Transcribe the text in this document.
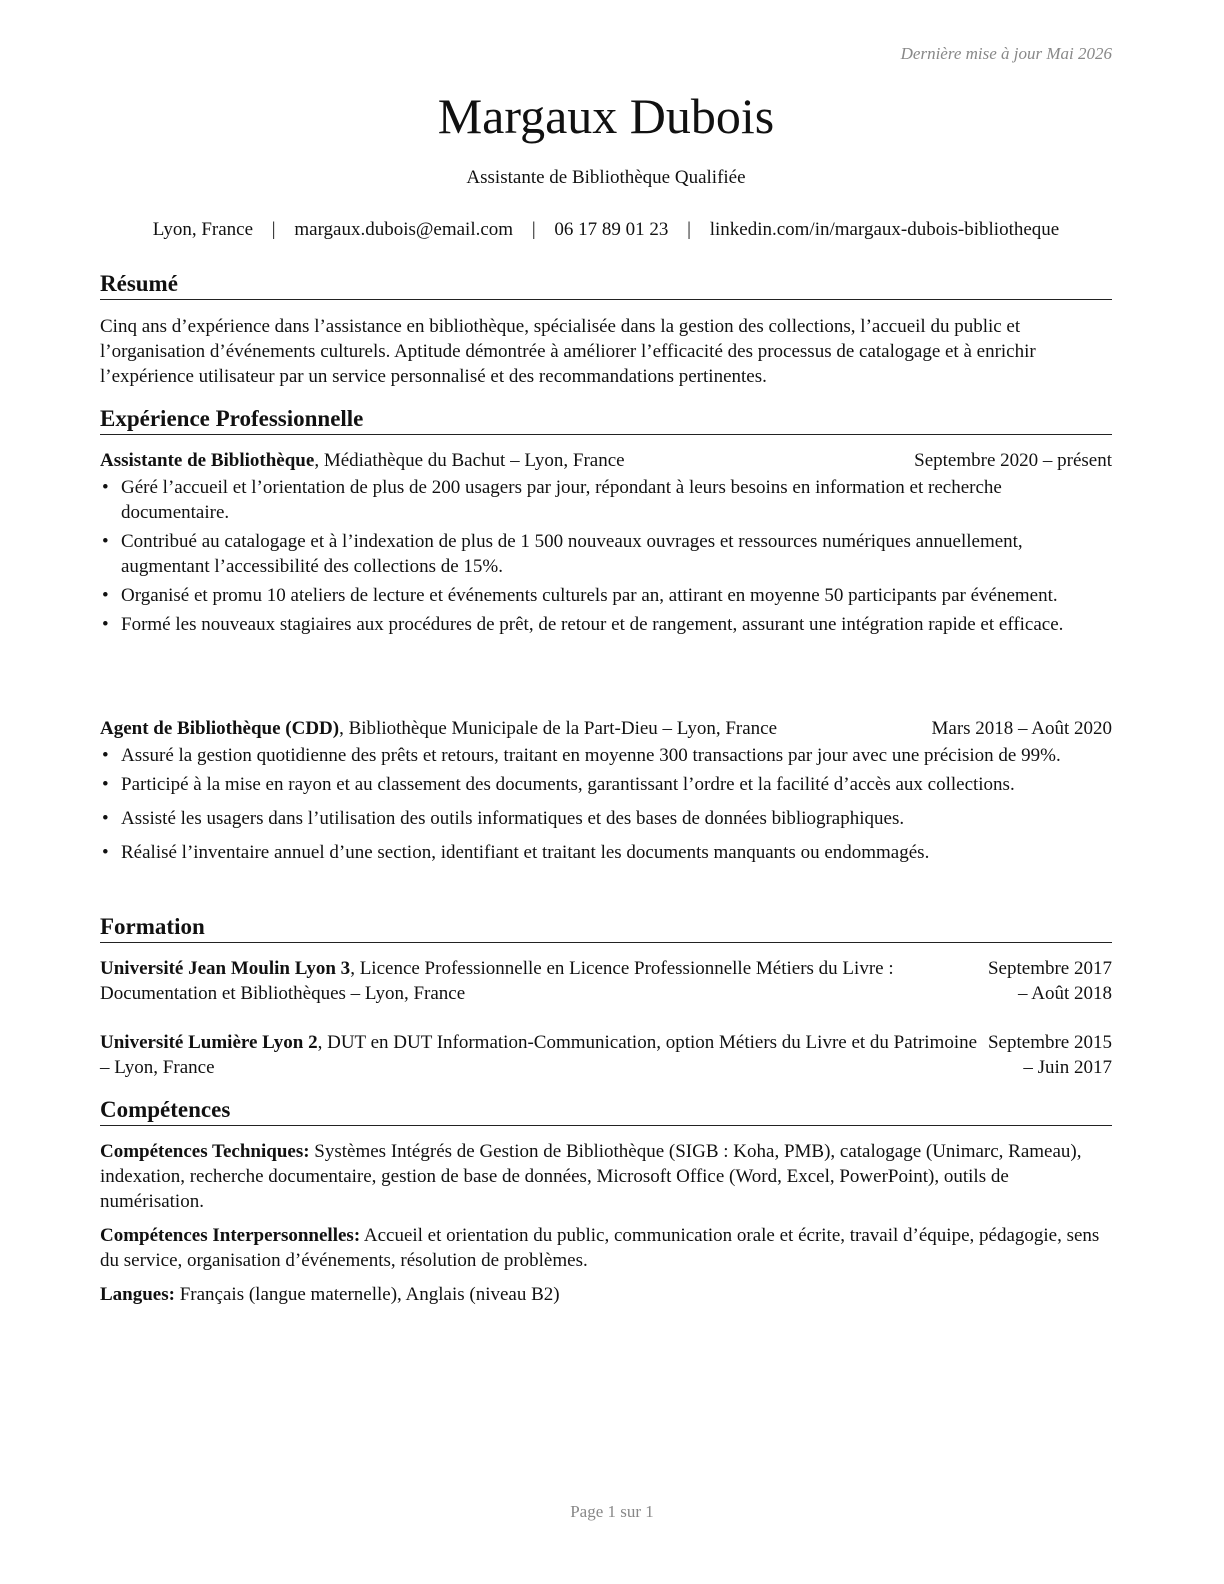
Dernière mise à jour Mai 2026
Margaux Dubois
Assistante de Bibliothèque Qualifiée
Lyon, France | margaux.dubois@email.com | 06 17 89 01 23 | linkedin.com/in/margaux-dubois-bibliotheque
Résumé

Cinq ans d’expérience dans l’assistance en bibliothèque, spécialisée dans la gestion des collections, l’accueil du public et l’organisation d’événements culturels. Aptitude démontrée à améliorer l’efficacité des processus de catalogage et à enrichir l’expérience utilisateur par un service personnalisé et des recommandations pertinentes.

Expérience Professionnelle
Assistante de Bibliothèque, Médiathèque du Bachut – Lyon, France	Septembre 2020 – présent
• Géré l’accueil et l’orientation de plus de 200 usagers par jour, répondant à leurs besoins en information et recherche documentaire.
• Contribué au catalogage et à l’indexation de plus de 1 500 nouveaux ouvrages et ressources numériques annuellement, augmentant l’accessibilité des collections de 15%.
• Organisé et promu 10 ateliers de lecture et événements culturels par an, attirant en moyenne 50 participants par événement.
• Formé les nouveaux stagiaires aux procédures de prêt, de retour et de rangement, assurant une intégration rapide et efficace.
Agent de Bibliothèque (CDD), Bibliothèque Municipale de la Part-Dieu – Lyon, France	Mars 2018 – Août 2020
• Assuré la gestion quotidienne des prêts et retours, traitant en moyenne 300 transactions par jour avec une précision de 99%.
• Participé à la mise en rayon et au classement des documents, garantissant l’ordre et la facilité d’accès aux collections.
• Assisté les usagers dans l’utilisation des outils informatiques et des bases de données bibliographiques.
• Réalisé l’inventaire annuel d’une section, identifiant et traitant les documents manquants ou endommagés.
Formation
Université Jean Moulin Lyon 3, Licence Professionnelle en Licence Professionnelle Métiers du Livre : Documentation et Bibliothèques – Lyon, France
Septembre 2017 – Août 2018
Université Lumière Lyon 2, DUT en DUT Information-Communication, option Métiers du Livre et du Patrimoine – Lyon, France
Septembre 2015 – Juin 2017
Compétences

Compétences Techniques: Systèmes Intégrés de Gestion de Bibliothèque (SIGB : Koha, PMB), catalogage (Unimarc, Rameau), indexation, recherche documentaire, gestion de base de données, Microsoft Office (Word, Excel, PowerPoint), outils de numérisation.

Compétences Interpersonnelles: Accueil et orientation du public, communication orale et écrite, travail d’équipe, pédagogie, sens du service, organisation d’événements, résolution de problèmes.

Langues: Français (langue maternelle), Anglais (niveau B2)

Page 1 sur 1
